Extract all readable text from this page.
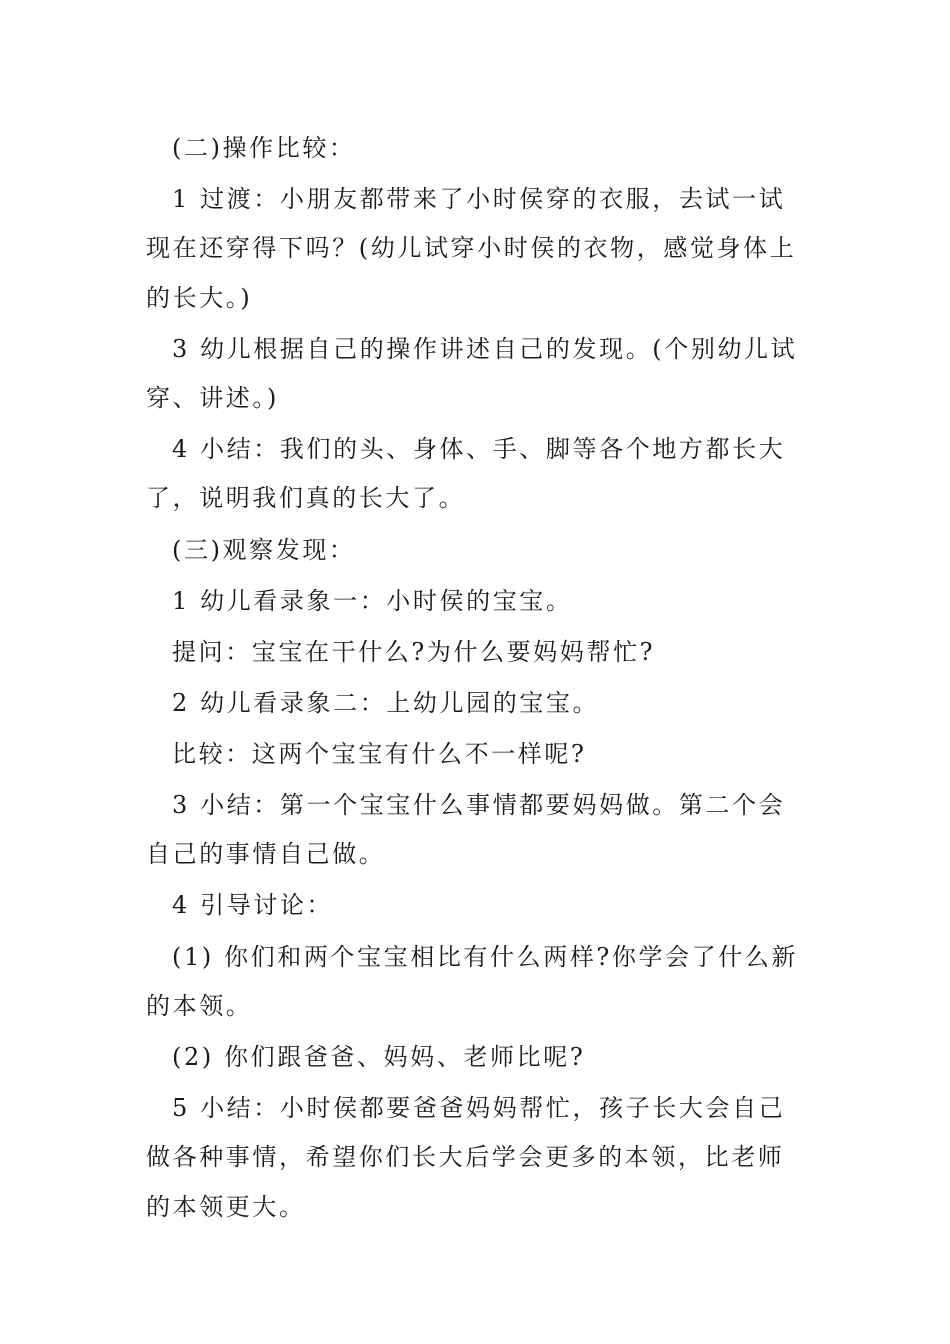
(二)操作比较：

1 过渡：小朋友都带来了小时侯穿的衣服，去试一试现在还穿得下吗？(幼儿试穿小时侯的衣物，感觉身体上的长大。)

3 幼儿根据自己的操作讲述自己的发现。(个别幼儿试穿、讲述。)

4 小结：我们的头、身体、手、脚等各个地方都长大了，说明我们真的长大了。

(三)观察发现：

1 幼儿看录象一：小时侯的宝宝。

提问：宝宝在干什么?为什么要妈妈帮忙?

2 幼儿看录象二：上幼儿园的宝宝。

比较：这两个宝宝有什么不一样呢?

3 小结：第一个宝宝什么事情都要妈妈做。第二个会自己的事情自己做。

4 引导讨论：

(1) 你们和两个宝宝相比有什么两样?你学会了什么新的本领。

(2) 你们跟爸爸、妈妈、老师比呢?

5 小结：小时侯都要爸爸妈妈帮忙，孩子长大会自己做各种事情，希望你们长大后学会更多的本领，比老师的本领更大。
